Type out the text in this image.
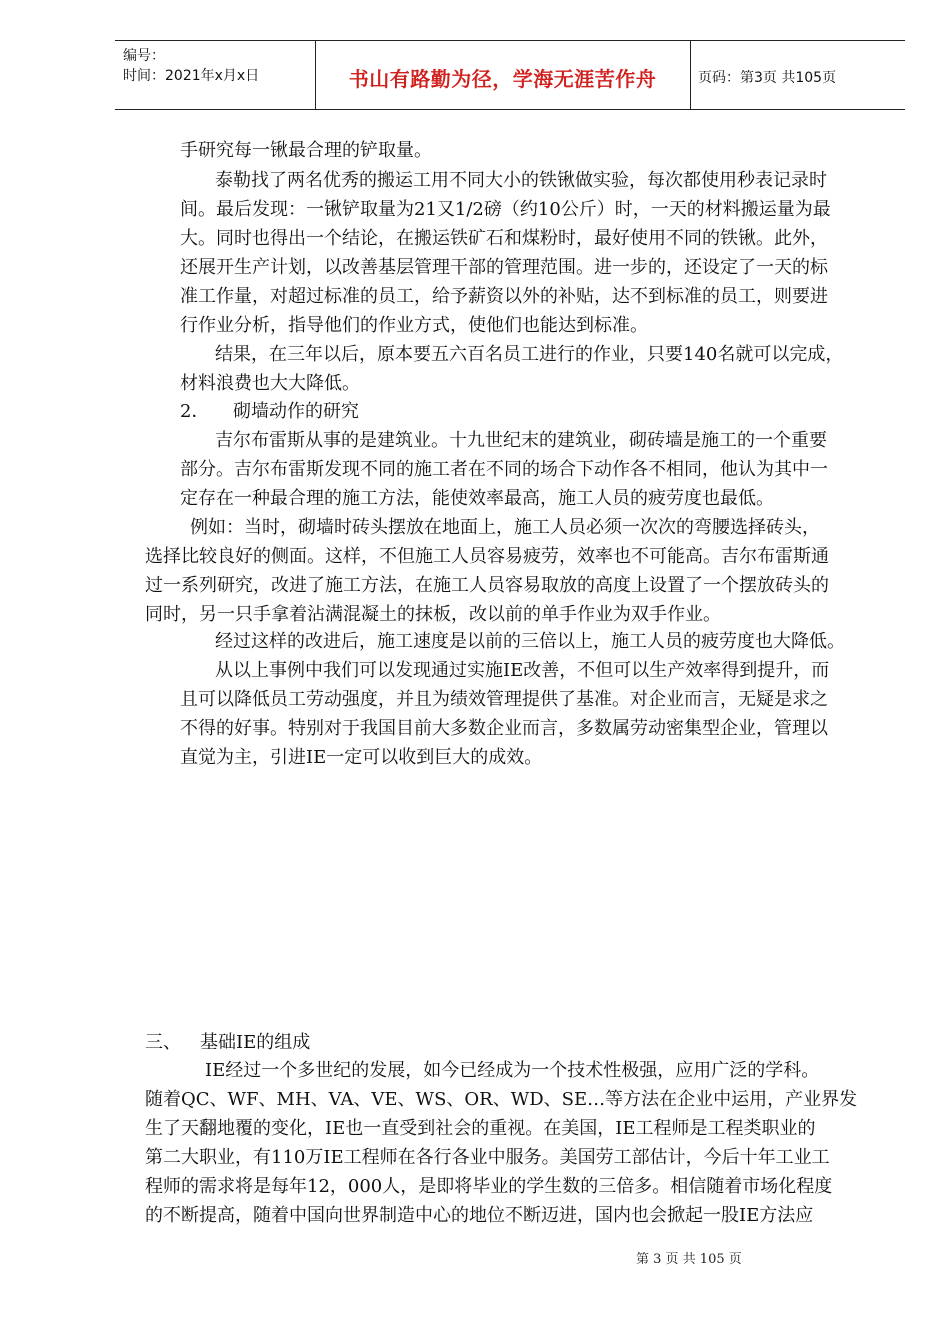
编号：
时间：2021年x月x日	书山有路勤为径，学海无涯苦作舟	页码：第3页 共105页
手研究每一锹最合理的铲取量。
泰勒找了两名优秀的搬运工用不同大小的铁锹做实验，每次都使用秒表记录时
间。最后发现：一锹铲取量为21又1/2磅（约10公斤）时，一天的材料搬运量为最
大。同时也得出一个结论，在搬运铁矿石和煤粉时，最好使用不同的铁锹。此外，
还展开生产计划，以改善基层管理干部的管理范围。进一步的，还设定了一天的标
准工作量，对超过标准的员工，给予薪资以外的补贴，达不到标准的员工，则要进
行作业分析，指导他们的作业方式，使他们也能达到标准。
结果，在三年以后，原本要五六百名员工进行的作业，只要140名就可以完成，
材料浪费也大大降低。
2． 砌墙动作的研究
吉尔布雷斯从事的是建筑业。十九世纪末的建筑业，砌砖墙是施工的一个重要
部分。吉尔布雷斯发现不同的施工者在不同的场合下动作各不相同，他认为其中一
定存在一种最合理的施工方法，能使效率最高，施工人员的疲劳度也最低。
例如：当时，砌墙时砖头摆放在地面上，施工人员必须一次次的弯腰选择砖头，
选择比较良好的侧面。这样，不但施工人员容易疲劳，效率也不可能高。吉尔布雷斯通
过一系列研究，改进了施工方法，在施工人员容易取放的高度上设置了一个摆放砖头的
同时，另一只手拿着沾满混凝土的抹板，改以前的单手作业为双手作业。
经过这样的改进后，施工速度是以前的三倍以上，施工人员的疲劳度也大降低。
从以上事例中我们可以发现通过实施IE改善，不但可以生产效率得到提升，而
且可以降低员工劳动强度，并且为绩效管理提供了基准。对企业而言，无疑是求之
不得的好事。特别对于我国目前大多数企业而言，多数属劳动密集型企业，管理以
直觉为主，引进IE一定可以收到巨大的成效。
三、 基础IE的组成
IE经过一个多世纪的发展，如今已经成为一个技术性极强，应用广泛的学科。
随着QC、WF、MH、VA、VE、WS、OR、WD、SE…等方法在企业中运用，产业界发
生了天翻地覆的变化，IE也一直受到社会的重视。在美国，IE工程师是工程类职业的
第二大职业，有110万IE工程师在各行各业中服务。美国劳工部估计，今后十年工业工
程师的需求将是每年12，000人，是即将毕业的学生数的三倍多。相信随着市场化程度
的不断提高，随着中国向世界制造中心的地位不断迈进，国内也会掀起一股IE方法应
第 3 页 共 105 页
